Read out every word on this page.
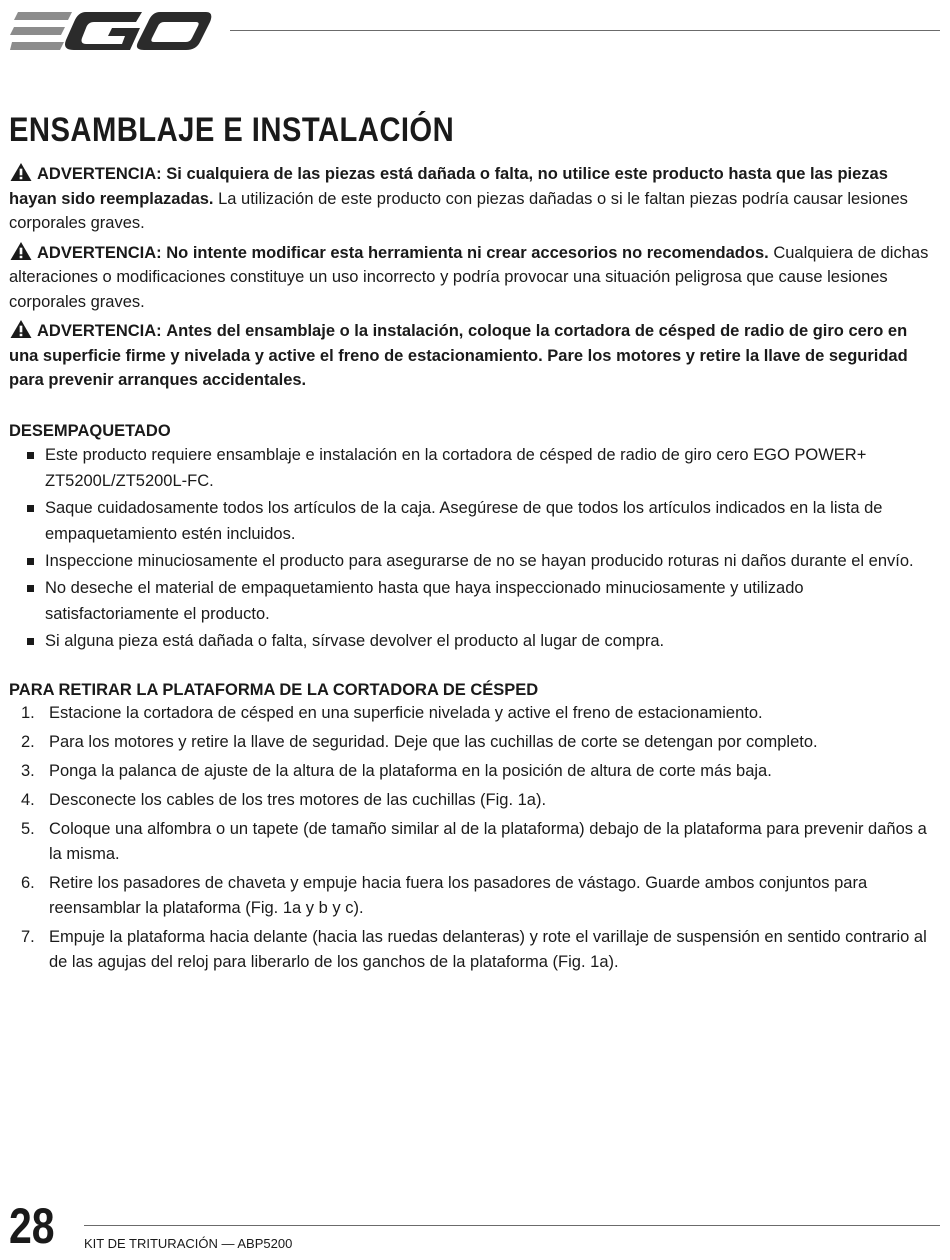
ENSAMBLAJE E INSTALACIÓN

ADVERTENCIA: Si cualquiera de las piezas está dañada o falta, no utilice este producto hasta que las piezas hayan sido reemplazadas. La utilización de este producto con piezas dañadas o si le faltan piezas podría causar lesiones corporales graves.

ADVERTENCIA: No intente modificar esta herramienta ni crear accesorios no recomendados. Cualquiera de dichas alteraciones o modificaciones constituye un uso incorrecto y podría provocar una situación peligrosa que cause lesiones corporales graves.

ADVERTENCIA: Antes del ensamblaje o la instalación, coloque la cortadora de césped de radio de giro cero en una superficie firme y nivelada y active el freno de estacionamiento. Pare los motores y retire la llave de seguridad para prevenir arranques accidentales.

DESEMPAQUETADO
Este producto requiere ensamblaje e instalación en la cortadora de césped de radio de giro cero EGO POWER+ ZT5200L/ZT5200L-FC.
Saque cuidadosamente todos los artículos de la caja. Asegúrese de que todos los artículos indicados en la lista de empaquetamiento estén incluidos.
Inspeccione minuciosamente el producto para asegurarse de no se hayan producido roturas ni daños durante el envío.
No deseche el material de empaquetamiento hasta que haya inspeccionado minuciosamente y utilizado satisfactoriamente el producto.
Si alguna pieza está dañada o falta, sírvase devolver el producto al lugar de compra.
PARA RETIRAR LA PLATAFORMA DE LA CORTADORA DE CÉSPED
1. Estacione la cortadora de césped en una superficie nivelada y active el freno de estacionamiento.
2. Para los motores y retire la llave de seguridad. Deje que las cuchillas de corte se detengan por completo.
3. Ponga la palanca de ajuste de la altura de la plataforma en la posición de altura de corte más baja.
4. Desconecte los cables de los tres motores de las cuchillas (Fig. 1a).
5. Coloque una alfombra o un tapete (de tamaño similar al de la plataforma) debajo de la plataforma para prevenir daños a la misma.
6. Retire los pasadores de chaveta y empuje hacia fuera los pasadores de vástago. Guarde ambos conjuntos para reensamblar la plataforma (Fig. 1a y b y c).
7. Empuje la plataforma hacia delante (hacia las ruedas delanteras) y rote el varillaje de suspensión en sentido contrario al de las agujas del reloj para liberarlo de los ganchos de la plataforma (Fig. 1a).
28 KIT DE TRITURACIÓN — ABP5200
